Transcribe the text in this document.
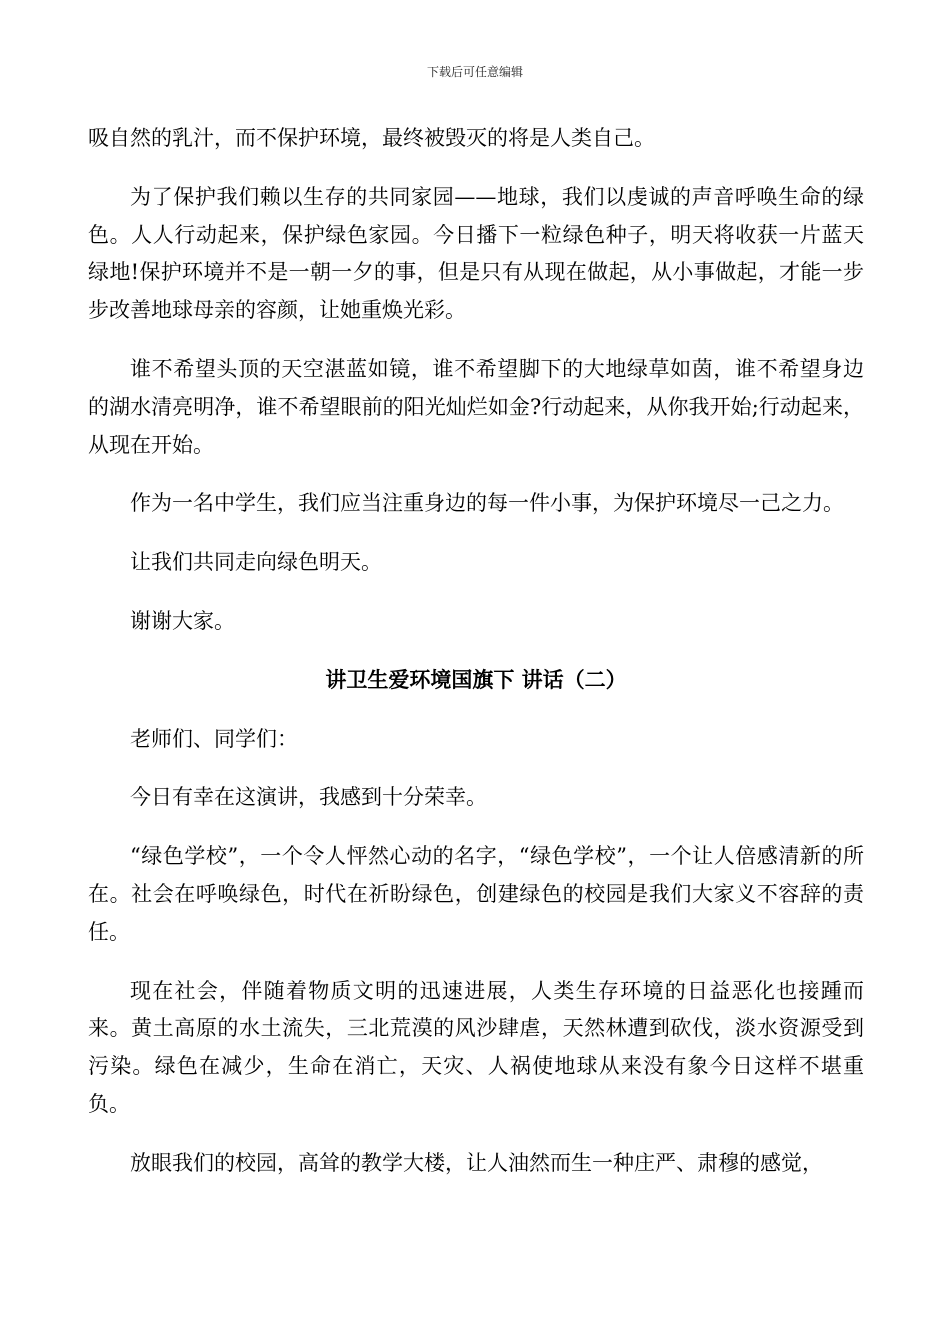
下载后可任意编辑

吸自然的乳汁，而不保护环境，最终被毁灭的将是人类自己。

为了保护我们赖以生存的共同家园——地球，我们以虔诚的声音呼唤生命的绿色。人人行动起来，保护绿色家园。今日播下一粒绿色种子，明天将收获一片蓝天绿地!保护环境并不是一朝一夕的事，但是只有从现在做起，从小事做起，才能一步步改善地球母亲的容颜，让她重焕光彩。

谁不希望头顶的天空湛蓝如镜，谁不希望脚下的大地绿草如茵，谁不希望身边的湖水清亮明净，谁不希望眼前的阳光灿烂如金?行动起来，从你我开始;行动起来，从现在开始。

作为一名中学生，我们应当注重身边的每一件小事，为保护环境尽一己之力。

让我们共同走向绿色明天。

谢谢大家。

讲卫生爱环境国旗下 讲话（二）

老师们、同学们：

今日有幸在这演讲，我感到十分荣幸。

“绿色学校”，一个令人怦然心动的名字，“绿色学校”，一个让人倍感清新的所在。社会在呼唤绿色，时代在祈盼绿色，创建绿色的校园是我们大家义不容辞的责任。

现在社会，伴随着物质文明的迅速进展，人类生存环境的日益恶化也接踵而来。黄土高原的水土流失，三北荒漠的风沙肆虐，天然林遭到砍伐，淡水资源受到污染。绿色在减少，生命在消亡，天灾、人祸使地球从来没有象今日这样不堪重负。

放眼我们的校园，高耸的教学大楼，让人油然而生一种庄严、肃穆的感觉，
